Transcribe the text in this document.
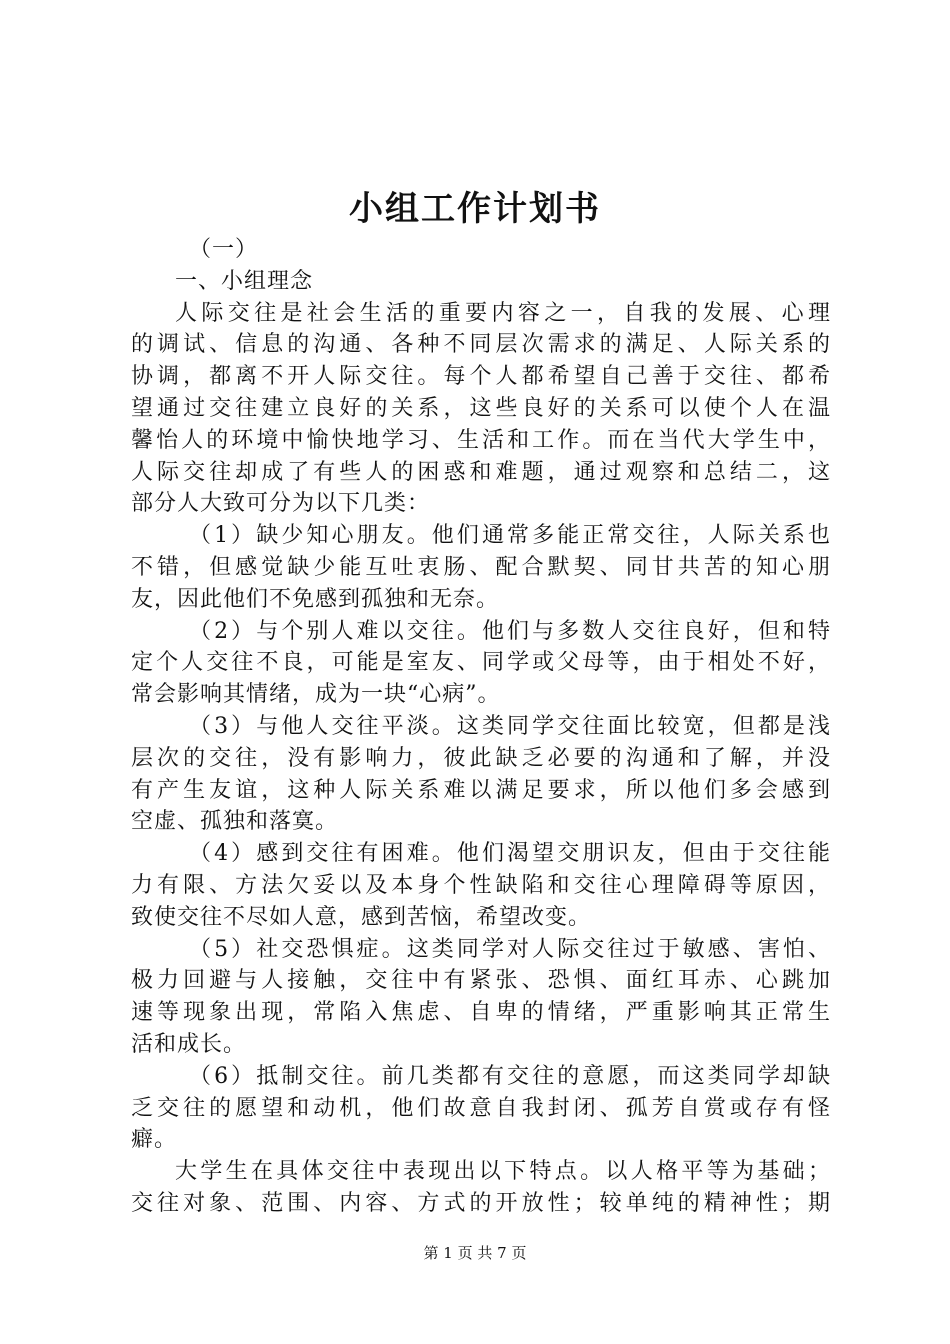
小组工作计划书
（一）
一、小组理念
人际交往是社会生活的重要内容之一，自我的发展、心理
的调试、信息的沟通、各种不同层次需求的满足、人际关系的
协调，都离不开人际交往。每个人都希望自己善于交往、都希
望通过交往建立良好的关系，这些良好的关系可以使个人在温
馨怡人的环境中愉快地学习、生活和工作。而在当代大学生中，
人际交往却成了有些人的困惑和难题，通过观察和总结二，这
部分人大致可分为以下几类：
（1）缺少知心朋友。他们通常多能正常交往，人际关系也
不错，但感觉缺少能互吐衷肠、配合默契、同甘共苦的知心朋
友，因此他们不免感到孤独和无奈。
（2）与个别人难以交往。他们与多数人交往良好，但和特
定个人交往不良，可能是室友、同学或父母等，由于相处不好，
常会影响其情绪，成为一块“心病”。
（3）与他人交往平淡。这类同学交往面比较宽，但都是浅
层次的交往，没有影响力，彼此缺乏必要的沟通和了解，并没
有产生友谊，这种人际关系难以满足要求，所以他们多会感到
空虚、孤独和落寞。
（4）感到交往有困难。他们渴望交朋识友，但由于交往能
力有限、方法欠妥以及本身个性缺陷和交往心理障碍等原因，
致使交往不尽如人意，感到苦恼，希望改变。
（5）社交恐惧症。这类同学对人际交往过于敏感、害怕、
极力回避与人接触，交往中有紧张、恐惧、面红耳赤、心跳加
速等现象出现，常陷入焦虑、自卑的情绪，严重影响其正常生
活和成长。
（6）抵制交往。前几类都有交往的意愿，而这类同学却缺
乏交往的愿望和动机，他们故意自我封闭、孤芳自赏或存有怪
癖。
大学生在具体交往中表现出以下特点。以人格平等为基础；
交往对象、范围、内容、方式的开放性；较单纯的精神性；期
第 1 页 共 7 页
